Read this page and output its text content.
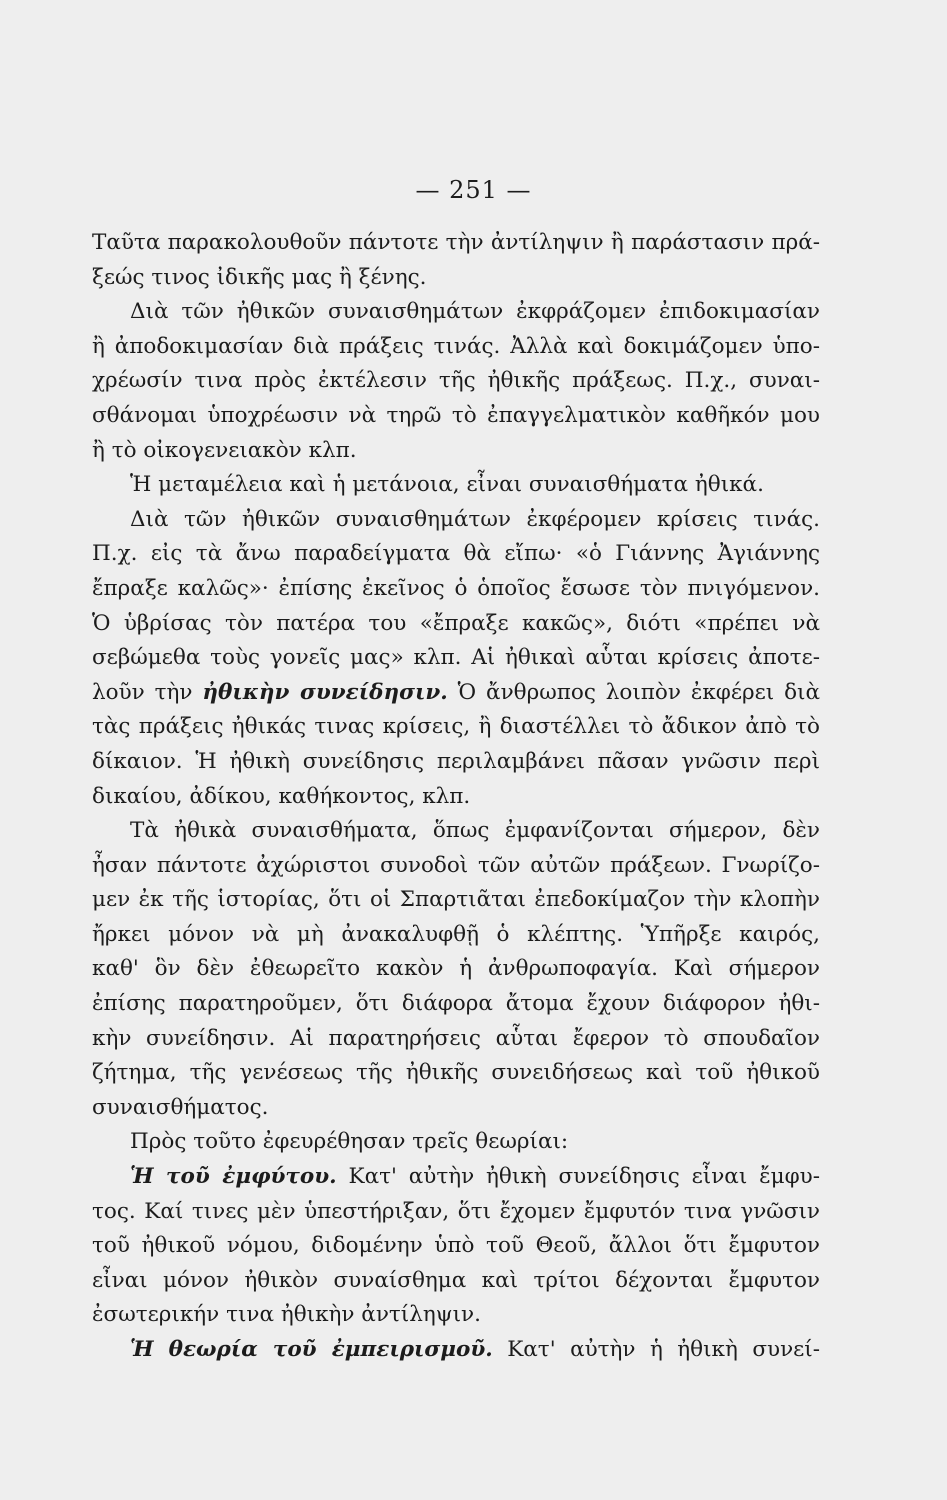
— 251 —
Ταῦτα παρακολουθοῦν πάντοτε τὴν ἀντίληψιν ἢ παράστασιν πρά-
ξεώς τινος ἰδικῆς μας ἢ ξένης.
Διὰ τῶν ἠθικῶν συναισθημάτων ἐκφράζομεν ἐπιδοκιμασίαν
ἢ ἀποδοκιμασίαν διὰ πράξεις τινάς. Ἀλλὰ καὶ δοκιμάζομεν ὑπο-
χρέωσίν τινα πρὸς ἐκτέλεσιν τῆς ἠθικῆς πράξεως. Π.χ., συναι-
σθάνομαι ὑποχρέωσιν νὰ τηρῶ τὸ ἐπαγγελματικὸν καθῆκόν μου
ἢ τὸ οἰκογενειακὸν κλπ.
Ἡ μεταμέλεια καὶ ἡ μετάνοια, εἶναι συναισθήματα ἠθικά.
Διὰ τῶν ἠθικῶν συναισθημάτων ἐκφέρομεν κρίσεις τινάς.
Π.χ. εἰς τὰ ἄνω παραδείγματα θὰ εἴπω· «ὁ Γιάννης Ἀγιάννης
ἔπραξε καλῶς»· ἐπίσης ἐκεῖνος ὁ ὁποῖος ἔσωσε τὸν πνιγόμενον.
Ὁ ὑβρίσας τὸν πατέρα του «ἔπραξε κακῶς», διότι «πρέπει νὰ
σεβώμεθα τοὺς γονεῖς μας» κλπ. Αἱ ἠθικαὶ αὗται κρίσεις ἀποτε-
λοῦν τὴν ἠθικὴν συνείδησιν. Ὁ ἄνθρωπος λοιπὸν ἐκφέρει διὰ
τὰς πράξεις ἠθικάς τινας κρίσεις, ἢ διαστέλλει τὸ ἄδικον ἀπὸ τὸ
δίκαιον. Ἡ ἠθικὴ συνείδησις περιλαμβάνει πᾶσαν γνῶσιν περὶ
δικαίου, ἀδίκου, καθήκοντος, κλπ.
Τὰ ἠθικὰ συναισθήματα, ὅπως ἐμφανίζονται σήμερον, δὲν
ἦσαν πάντοτε ἀχώριστοι συνοδοὶ τῶν αὐτῶν πράξεων. Γνωρίζο-
μεν ἐκ τῆς ἱστορίας, ὅτι οἱ Σπαρτιᾶται ἐπεδοκίμαζον τὴν κλοπὴν
ἤρκει μόνον νὰ μὴ ἀνακαλυφθῇ ὁ κλέπτης. Ὑπῆρξε καιρός,
καθ' ὃν δὲν ἐθεωρεῖτο κακὸν ἡ ἀνθρωποφαγία. Καὶ σήμερον
ἐπίσης παρατηροῦμεν, ὅτι διάφορα ἄτομα ἔχουν διάφορον ἠθι-
κὴν συνείδησιν. Αἱ παρατηρήσεις αὗται ἔφερον τὸ σπουδαῖον
ζήτημα, τῆς γενέσεως τῆς ἠθικῆς συνειδήσεως καὶ τοῦ ἠθικοῦ
συναισθήματος.
Πρὸς τοῦτο ἐφευρέθησαν τρεῖς θεωρίαι:
Ἡ τοῦ ἐμφύτου. Κατ' αὐτὴν ἠθικὴ συνείδησις εἶναι ἔμφυ-
τος. Καί τινες μὲν ὑπεστήριξαν, ὅτι ἔχομεν ἔμφυτόν τινα γνῶσιν
τοῦ ἠθικοῦ νόμου, διδομένην ὑπὸ τοῦ Θεοῦ, ἄλλοι ὅτι ἔμφυτον
εἶναι μόνον ἠθικὸν συναίσθημα καὶ τρίτοι δέχονται ἔμφυτον
ἐσωτερικήν τινα ἠθικὴν ἀντίληψιν.
Ἡ θεωρία τοῦ ἐμπειρισμοῦ. Κατ' αὐτὴν ἡ ἠθικὴ συνεί-
